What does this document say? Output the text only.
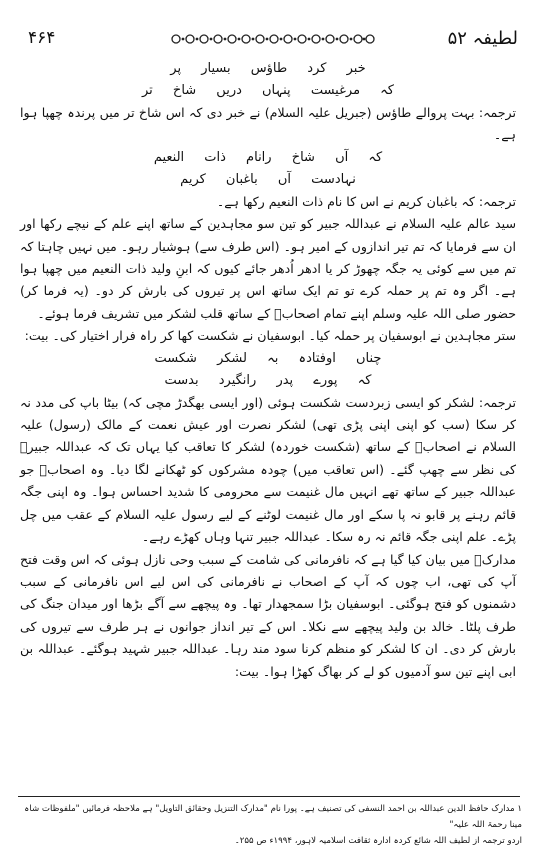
۴۶۴	لطیفہ ۵۲

خبر کرد طاؤس بسیار پر

کہ مرغیست پنہاں دریں شاخ تر

ترجمہ: بہت پروالے طاؤس (جبریل علیہ السلام) نے خبر دی کہ اس شاخ تر میں پرندہ چھپا ہوا ہے۔

کہ آں شاخ رانام ذات النعیم

نہادست آں باغبان کریم

ترجمہ: کہ باغبان کریم نے اس کا نام ذات النعیم رکھا ہے۔

سید عالم علیہ السلام نے عبداللہ جبیر کو تین سو مجاہدین کے ساتھ اپنے علم کے نیچے رکھا اور ان سے فرمایا کہ تم تیر اندازوں کے امیر ہو۔ (اس طرف سے) ہوشیار رہو۔ میں نہیں چاہتا کہ تم میں سے کوئی یہ جگہ چھوڑ کر یا ادھر اُدھر جائے کیوں کہ ابنِ ولید ذات النعیم میں چھپا ہوا ہے۔ اگر وہ تم پر حملہ کرے تو تم ایک ساتھ اس پر تیروں کی بارش کر دو۔ (یہ فرما کر) حضور صلی اللہ علیہ وسلم اپنے تمام اصحابؓ کے ساتھ قلب لشکر میں تشریف فرما ہوئے۔

ستر مجاہدین نے ابوسفیان پر حملہ کیا۔ ابوسفیان نے شکست کھا کر راہ فرار اختیار کی۔ بیت:

چناں اوفتادہ بہ لشکر شکست

کہ پورے پدر رانگیرد بدست

ترجمہ: لشکر کو ایسی زبردست شکست ہوئی (اور ایسی بھگدڑ مچی کہ) بیٹا باپ کی مدد نہ کر سکا (سب کو اپنی اپنی پڑی تھی) لشکر نصرت اور عیش نعمت کے مالک (رسول) علیہ السلام نے اصحابؓ کے ساتھ (شکست خوردہ) لشکر کا تعاقب کیا یہاں تک کہ عبداللہ جبیرؓ کی نظر سے چھپ گئے۔ (اس تعاقب میں) چودہ مشرکوں کو ٹھکانے لگا دیا۔ وہ اصحابؓ جو عبداللہ جبیر کے ساتھ تھے انہیں مال غنیمت سے محرومی کا شدید احساس ہوا۔ وہ اپنی جگہ قائم رہنے پر قابو نہ پا سکے اور مال غنیمت لوٹنے کے لیے رسول علیہ السلام کے عقب میں چل پڑے۔ علم اپنی جگہ قائم نہ رہ سکا۔ عبداللہ جبیر تنہا وہاں کھڑے رہے۔

مدارکؒ میں بیان کیا گیا ہے کہ نافرمانی کی شامت کے سبب وحی نازل ہوئی کہ اس وقت فتح آپ کی تھی، اب چوں کہ آپ کے اصحاب نے نافرمانی کی اس لیے اس نافرمانی کے سبب دشمنوں کو فتح ہوگئی۔ ابوسفیان بڑا سمجھدار تھا۔ وہ پیچھے سے آگے بڑھا اور میدان جنگ کی طرف پلٹا۔ خالد بن ولید پیچھے سے نکلا۔ اس کے تیر انداز جوانوں نے ہر طرف سے تیروں کی بارش کر دی۔ ان کا لشکر کو منظم کرنا سود مند رہا۔ عبداللہ جبیر شہید ہوگئے۔ عبداللہ بن ابی اپنے تین سو آدمیوں کو لے کر بھاگ کھڑا ہوا۔ بیت:

۱ مدارک حافظ الدین عبداللہ بن احمد النسفی کی تصنیف ہے۔ پورا نام "مدارک التنزیل وحقائق التاویل" ہے ملاحظہ فرمائیں "ملفوظات شاہ مینا رحمۃ اللہ علیہ"

اردو ترجمہ از لطیف اللہ شائع کردہ ادارہ ثقافت اسلامیہ لاہور، ۱۹۹۴ء ص ۲۵۵۔
